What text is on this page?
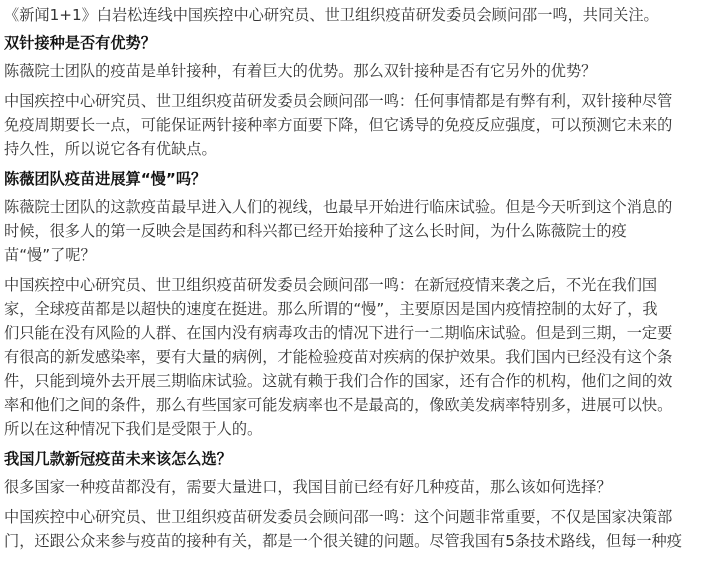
《新闻1+1》白岩松连线中国疾控中心研究员、世卫组织疫苗研发委员会顾问邵一鸣，共同关注。
双针接种是否有优势？
陈薇院士团队的疫苗是单针接种，有着巨大的优势。那么双针接种是否有它另外的优势？
中国疾控中心研究员、世卫组织疫苗研发委员会顾问邵一鸣：任何事情都是有弊有利，双针接种尽管
免疫周期要长一点，可能保证两针接种率方面要下降，但它诱导的免疫反应强度，可以预测它未来的
持久性，所以说它各有优缺点。
陈薇团队疫苗进展算“慢”吗？
陈薇院士团队的这款疫苗最早进入人们的视线，也最早开始进行临床试验。但是今天听到这个消息的
时候，很多人的第一反映会是国药和科兴都已经开始接种了这么长时间，为什么陈薇院士的疫
苗“慢”了呢？
中国疾控中心研究员、世卫组织疫苗研发委员会顾问邵一鸣：在新冠疫情来袭之后，不光在我们国
家，全球疫苗都是以超快的速度在挺进。那么所谓的“慢”，主要原因是国内疫情控制的太好了，我
们只能在没有风险的人群、在国内没有病毒攻击的情况下进行一二期临床试验。但是到三期，一定要
有很高的新发感染率，要有大量的病例，才能检验疫苗对疾病的保护效果。我们国内已经没有这个条
件，只能到境外去开展三期临床试验。这就有赖于我们合作的国家，还有合作的机构，他们之间的效
率和他们之间的条件，那么有些国家可能发病率也不是最高的，像欧美发病率特别多，进展可以快。
所以在这种情况下我们是受限于人的。
我国几款新冠疫苗未来该怎么选？
很多国家一种疫苗都没有，需要大量进口，我国目前已经有好几种疫苗，那么该如何选择？
中国疾控中心研究员、世卫组织疫苗研发委员会顾问邵一鸣：这个问题非常重要，不仅是国家决策部
门，还跟公众来参与疫苗的接种有关，都是一个很关键的问题。尽管我国有5条技术路线，但每一种疫
